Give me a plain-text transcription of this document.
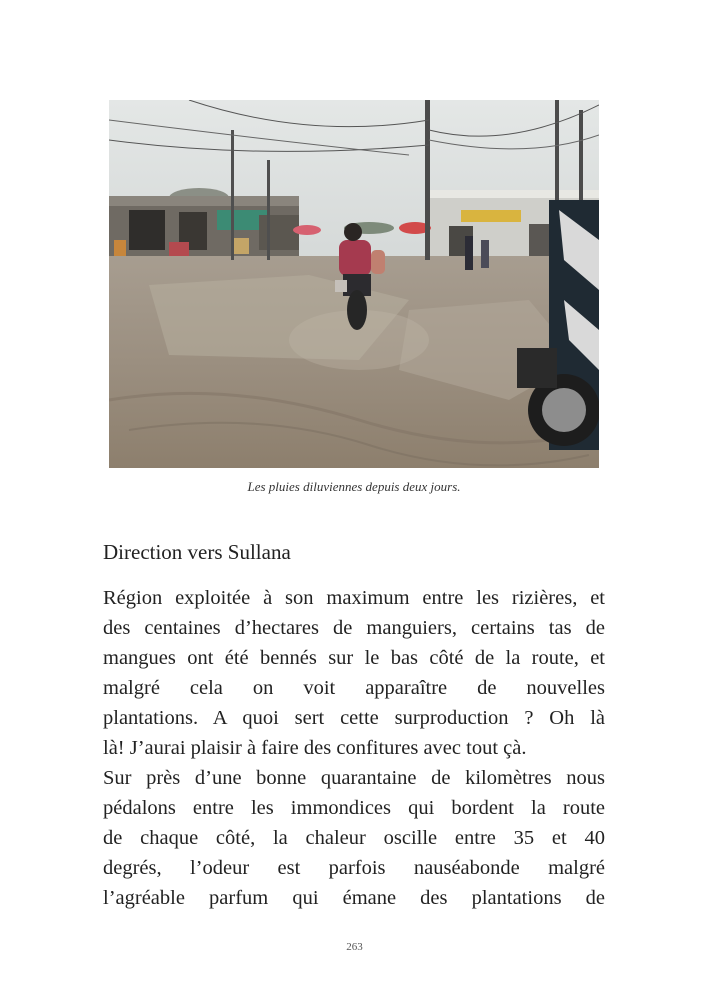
Les pluies diluviennes depuis deux jours.
Direction vers Sullana
Région exploitée à son maximum entre les rizières, et
des centaines d’hectares de manguiers, certains tas de
mangues ont été bennés sur le bas côté de la route, et
malgré cela on voit apparaître de nouvelles
plantations. A quoi sert cette surproduction ? Oh là
là! J’aurai plaisir à faire des confitures avec tout çà.
Sur près d’une bonne quarantaine de kilomètres nous
pédalons entre les immondices qui bordent la route
de chaque côté, la chaleur oscille entre 35 et 40
degrés, l’odeur est parfois nauséabonde malgré
l’agréable parfum qui émane des plantations de
263
